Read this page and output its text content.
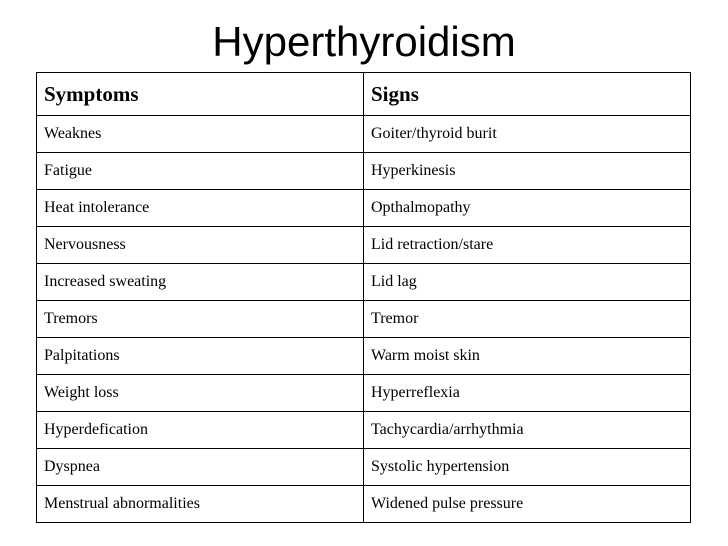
Hyperthyroidism
Symptoms	Signs
Weaknes	Goiter/thyroid burit
Fatigue	Hyperkinesis
Heat intolerance	Opthalmopathy
Nervousness	Lid retraction/stare
Increased sweating	Lid lag
Tremors	Tremor
Palpitations	Warm moist skin
Weight loss	Hyperreflexia
Hyperdefication	Tachycardia/arrhythmia
Dyspnea	Systolic hypertension
Menstrual abnormalities	Widened pulse pressure
